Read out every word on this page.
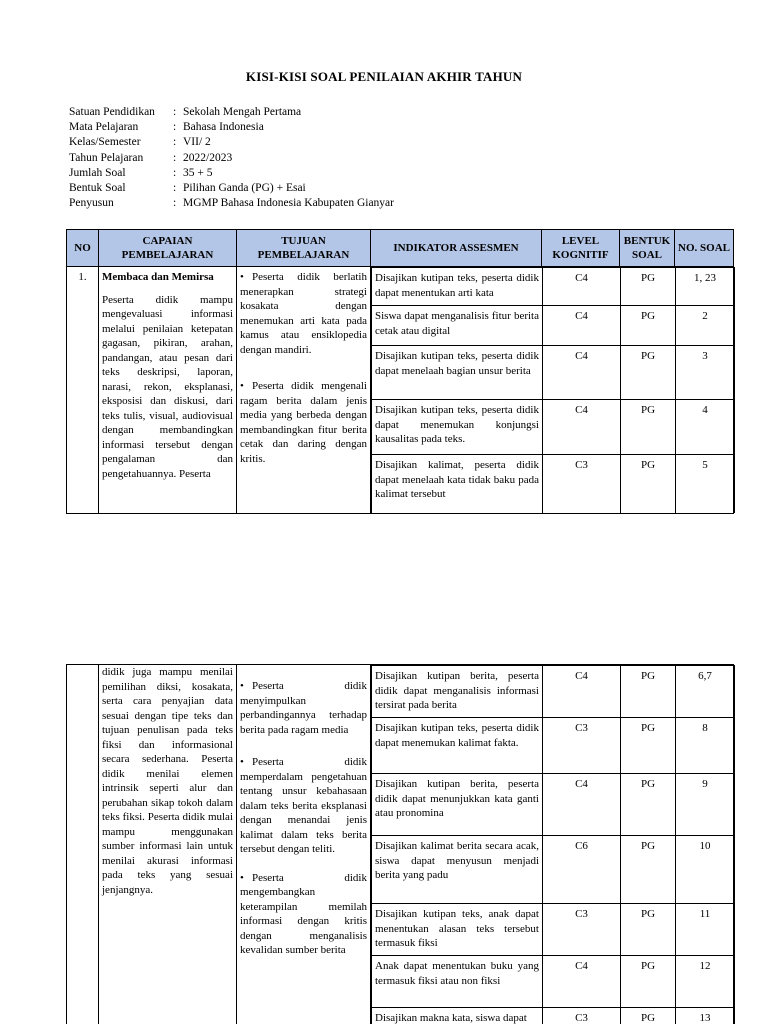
KISI-KISI SOAL PENILAIAN AKHIR TAHUN
Satuan Pendidikan	: Sekolah Mengah Pertama
Mata Pelajaran	: Bahasa Indonesia
Kelas/Semester	: VII/ 2
Tahun Pelajaran	: 2022/2023
Jumlah Soal	: 35 + 5
Bentuk Soal	: Pilihan Ganda (PG) + Esai
Penyusun	: MGMP Bahasa Indonesia Kabupaten Gianyar
NO	CAPAIAN PEMBELAJARAN	TUJUAN PEMBELAJARAN	INDIKATOR ASSESMEN	LEVEL KOGNITIF	BENTUK SOAL	NO. SOAL
1.	Membaca dan Memirsa
Peserta didik mampu mengevaluasi informasi melalui penilaian ketepatan gagasan, pikiran, arahan, pandangan, atau pesan dari teks deskripsi, laporan, narasi, rekon, eksplanasi, eksposisi dan diskusi, dari teks tulis, visual, audiovisual dengan membandingkan informasi tersebut dengan pengalaman dan pengetahuannya. Peserta

• Peserta didik berlatih menerapkan strategi kosakata dengan menemukan arti kata pada kamus atau ensiklopedia dengan mandiri.
• Peserta didik mengenali ragam berita dalam jenis media yang berbeda dengan membandingkan fitur berita cetak dan daring dengan kritis.

Disajikan kutipan teks, peserta didik dapat menentukan arti kata	C4	PG	1, 23
Siswa dapat menganalisis fitur berita cetak atau digital	C4	PG	2
Disajikan kutipan teks, peserta didik dapat menelaah bagian unsur berita	C4	PG	3
Disajikan kutipan teks, peserta didik dapat menemukan konjungsi kausalitas pada teks.	C4	PG	4
Disajikan kalimat, peserta didik dapat menelaah kata tidak baku pada kalimat tersebut	C3	PG	5

didik juga mampu menilai pemilihan diksi, kosakata, serta cara penyajian data sesuai dengan tipe teks dan tujuan penulisan pada teks fiksi dan informasional secara sederhana. Peserta didik menilai elemen intrinsik seperti alur dan perubahan sikap tokoh dalam teks fiksi. Peserta didik mulai mampu menggunakan sumber informasi lain untuk menilai akurasi informasi pada teks yang sesuai jenjangnya.

• Peserta didik menyimpulkan perbandingannya terhadap berita pada ragam media
• Peserta didik memperdalam pengetahuan tentang unsur kebahasaan dalam teks berita eksplanasi dengan menandai jenis kalimat dalam teks berita tersebut dengan teliti.
• Peserta didik mengembangkan keterampilan memilah informasi dengan kritis dengan menganalisis kevalidan sumber berita

Disajikan kutipan berita, peserta didik dapat menganalisis informasi tersirat pada berita	C4	PG	6,7
Disajikan kutipan teks, peserta didik dapat menemukan kalimat fakta.	C3	PG	8
Disajikan kutipan berita, peserta didik dapat menunjukkan kata ganti atau pronomina	C4	PG	9
Disajikan kalimat berita secara acak, siswa dapat menyusun menjadi berita yang padu	C6	PG	10
Disajikan kutipan teks, anak dapat menentukan alasan teks tersebut termasuk fiksi	C3	PG	11
Anak dapat menentukan buku yang termasuk fiksi atau non fiksi	C4	PG	12
Disajikan makna kata, siswa dapat	C3	PG	13
